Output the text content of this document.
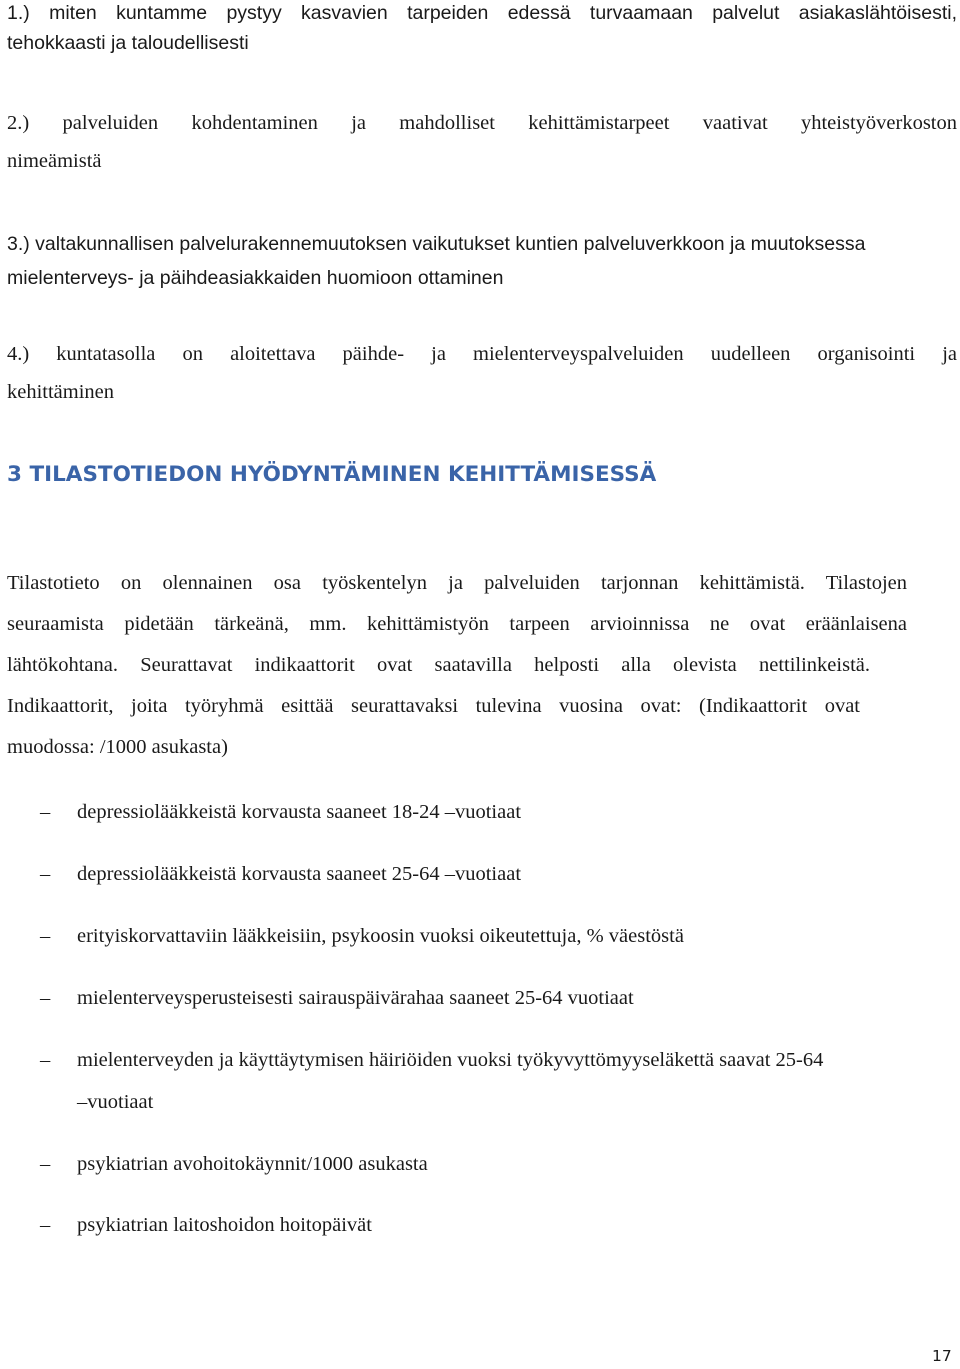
1.) miten kuntamme pystyy kasvavien tarpeiden edessä turvaamaan palvelut asiakaslähtöisesti,
tehokkaasti ja taloudellisesti
2.) palveluiden kohdentaminen ja mahdolliset kehittämistarpeet vaativat yhteistyöverkoston
nimeämistä
3.) valtakunnallisen palvelurakennemuutoksen vaikutukset kuntien palveluverkkoon ja muutoksessa
mielenterveys- ja päihdeasiakkaiden huomioon ottaminen
4.) kuntatasolla on aloitettava päihde- ja mielenterveyspalveluiden uudelleen organisointi ja
kehittäminen
3 TILASTOTIEDON HYÖDYNTÄMINEN KEHITTÄMISESSÄ
Tilastotieto on olennainen osa työskentelyn ja palveluiden tarjonnan kehittämistä. Tilastojen
seuraamista pidetään tärkeänä, mm. kehittämistyön tarpeen arvioinnissa ne ovat eräänlaisena
lähtökohtana. Seurattavat indikaattorit ovat saatavilla helposti alla olevista nettilinkeistä.
Indikaattorit, joita työryhmä esittää seurattavaksi tulevina vuosina ovat: (Indikaattorit ovat
muodossa: /1000 asukasta)
–	depressiolääkkeistä korvausta saaneet 18-24 –vuotiaat
–	depressiolääkkeistä korvausta saaneet 25-64 –vuotiaat
–	erityiskorvattaviin lääkkeisiin, psykoosin vuoksi oikeutettuja, % väestöstä
–	mielenterveysperusteisesti sairauspäivärahaa saaneet 25-64 vuotiaat
–	mielenterveyden ja käyttäytymisen häiriöiden vuoksi työkyvyttömyyseläkettä saavat 25-64
–vuotiaat
–	psykiatrian avohoitokäynnit/1000 asukasta
–	psykiatrian laitoshoidon hoitopäivät
17
